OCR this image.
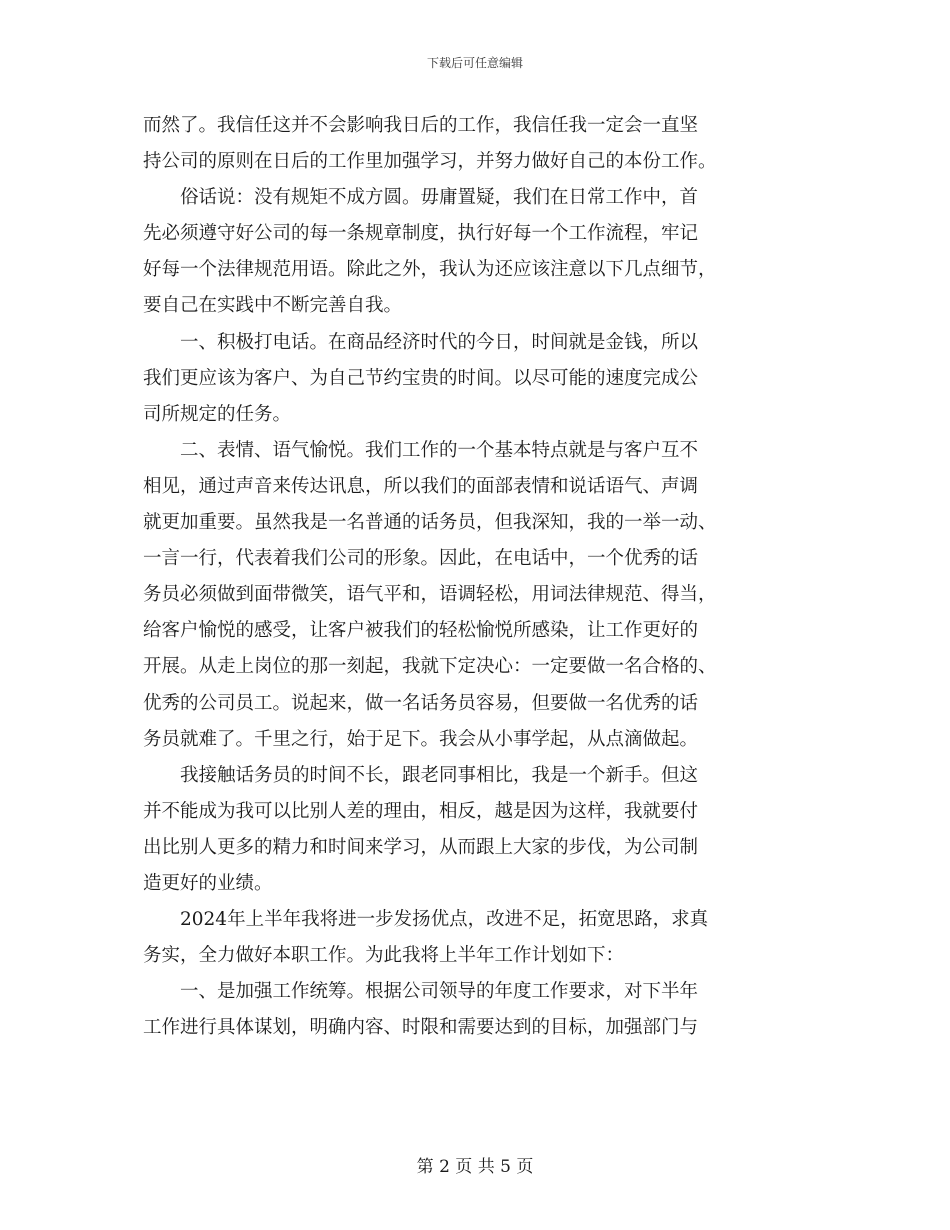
下载后可任意编辑
而然了。我信任这并不会影响我日后的工作，我信任我一定会一直坚
持公司的原则在日后的工作里加强学习，并努力做好自己的本份工作。
　　俗话说：没有规矩不成方圆。毋庸置疑，我们在日常工作中，首
先必须遵守好公司的每一条规章制度，执行好每一个工作流程，牢记
好每一个法律规范用语。除此之外，我认为还应该注意以下几点细节，
要自己在实践中不断完善自我。
　　一、积极打电话。在商品经济时代的今日，时间就是金钱，所以
我们更应该为客户、为自己节约宝贵的时间。以尽可能的速度完成公
司所规定的任务。
　　二、表情、语气愉悦。我们工作的一个基本特点就是与客户互不
相见，通过声音来传达讯息，所以我们的面部表情和说话语气、声调
就更加重要。虽然我是一名普通的话务员，但我深知，我的一举一动、
一言一行，代表着我们公司的形象。因此，在电话中，一个优秀的话
务员必须做到面带微笑，语气平和，语调轻松，用词法律规范、得当，
给客户愉悦的感受，让客户被我们的轻松愉悦所感染，让工作更好的
开展。从走上岗位的那一刻起，我就下定决心：一定要做一名合格的、
优秀的公司员工。说起来，做一名话务员容易，但要做一名优秀的话
务员就难了。千里之行，始于足下。我会从小事学起，从点滴做起。
　　我接触话务员的时间不长，跟老同事相比，我是一个新手。但这
并不能成为我可以比别人差的理由，相反，越是因为这样，我就要付
出比别人更多的精力和时间来学习，从而跟上大家的步伐，为公司制
造更好的业绩。
　　2024年上半年我将进一步发扬优点，改进不足，拓宽思路，求真
务实，全力做好本职工作。为此我将上半年工作计划如下：
　　一、是加强工作统筹。根据公司领导的年度工作要求，对下半年
工作进行具体谋划，明确内容、时限和需要达到的目标，加强部门与
第 2 页 共 5 页
